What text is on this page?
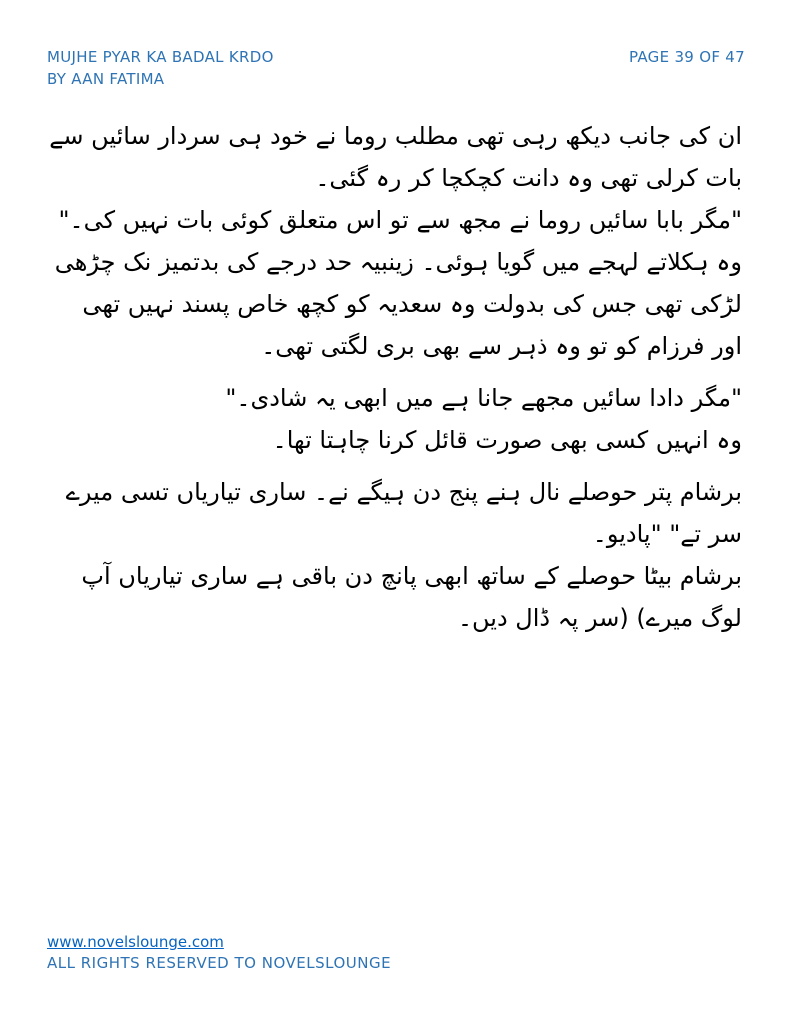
MUJHE PYAR KA BADAL KRDO
BY AAN FATIMA
PAGE 39 OF 47

ان کی جانب دیکھ رہی تھی مطلب روما نے خود ہی سردار سائیں سے بات کرلی تھی وہ دانت کچکچا کر رہ گئی۔

"مگر بابا سائیں روما نے مجھ سے تو اس متعلق کوئی بات نہیں کی۔"

وہ ہکلاتے لہجے میں گویا ہوئی۔ زینبیہ حد درجے کی بدتمیز نک چڑھی لڑکی تھی جس کی بدولت وہ سعدیہ کو کچھ خاص پسند نہیں تھی اور فرزام کو تو وہ ذہر سے بھی بری لگتی تھی۔

"مگر دادا سائیں مجھے جانا ہے میں ابھی یہ شادی۔"

وہ انہیں کسی بھی صورت قائل کرنا چاہتا تھا۔

برشام پتر حوصلے نال ہنے پنج دن ہیگے نے۔ ساری تیاریاں تسی میرے سر تے" "پادیو۔

برشام بیٹا حوصلے کے ساتھ ابھی پانچ دن باقی ہے ساری تیاریاں آپ لوگ میرے) (سر پہ ڈال دیں۔

www.novelslounge.com
ALL RIGHTS RESERVED TO NOVELSLOUNGE
